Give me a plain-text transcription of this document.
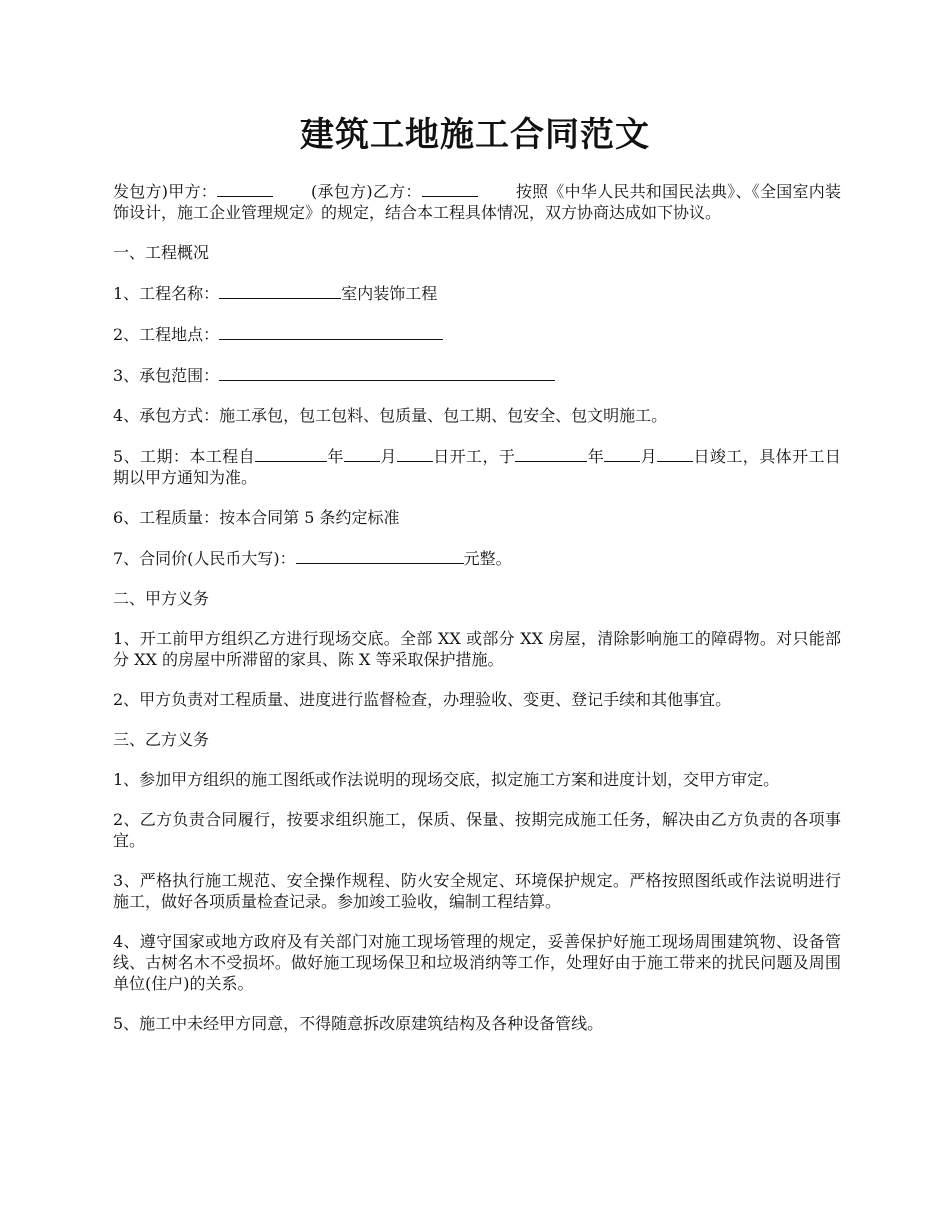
建筑工地施工合同范文

发包方)甲方：	(承包方)乙方：	按照《中华人民共和国民法典》、《全国室内装饰设计，施工企业管理规定》的规定，结合本工程具体情况，双方协商达成如下协议。

一、工程概况

1、工程名称：	室内装饰工程

2、工程地点：

3、承包范围：

4、承包方式：施工承包，包工包料、包质量、包工期、包安全、包文明施工。

5、工期：本工程自	年 月 日开工，于	年 月 日竣工，具体开工日期以甲方通知为准。

6、工程质量：按本合同第 5 条约定标准

7、合同价(人民币大写)：	元整。

二、甲方义务

1、开工前甲方组织乙方进行现场交底。全部 XX 或部分 XX 房屋，清除影响施工的障碍物。对只能部分 XX 的房屋中所滞留的家具、陈 X 等采取保护措施。

2、甲方负责对工程质量、进度进行监督检查，办理验收、变更、登记手续和其他事宜。

三、乙方义务

1、参加甲方组织的施工图纸或作法说明的现场交底，拟定施工方案和进度计划，交甲方审定。

2、乙方负责合同履行，按要求组织施工，保质、保量、按期完成施工任务，解决由乙方负责的各项事宜。

3、严格执行施工规范、安全操作规程、防火安全规定、环境保护规定。严格按照图纸或作法说明进行施工，做好各项质量检查记录。参加竣工验收，编制工程结算。

4、遵守国家或地方政府及有关部门对施工现场管理的规定，妥善保护好施工现场周围建筑物、设备管线、古树名木不受损坏。做好施工现场保卫和垃圾消纳等工作，处理好由于施工带来的扰民问题及周围单位(住户)的关系。

5、施工中未经甲方同意，不得随意拆改原建筑结构及各种设备管线。
